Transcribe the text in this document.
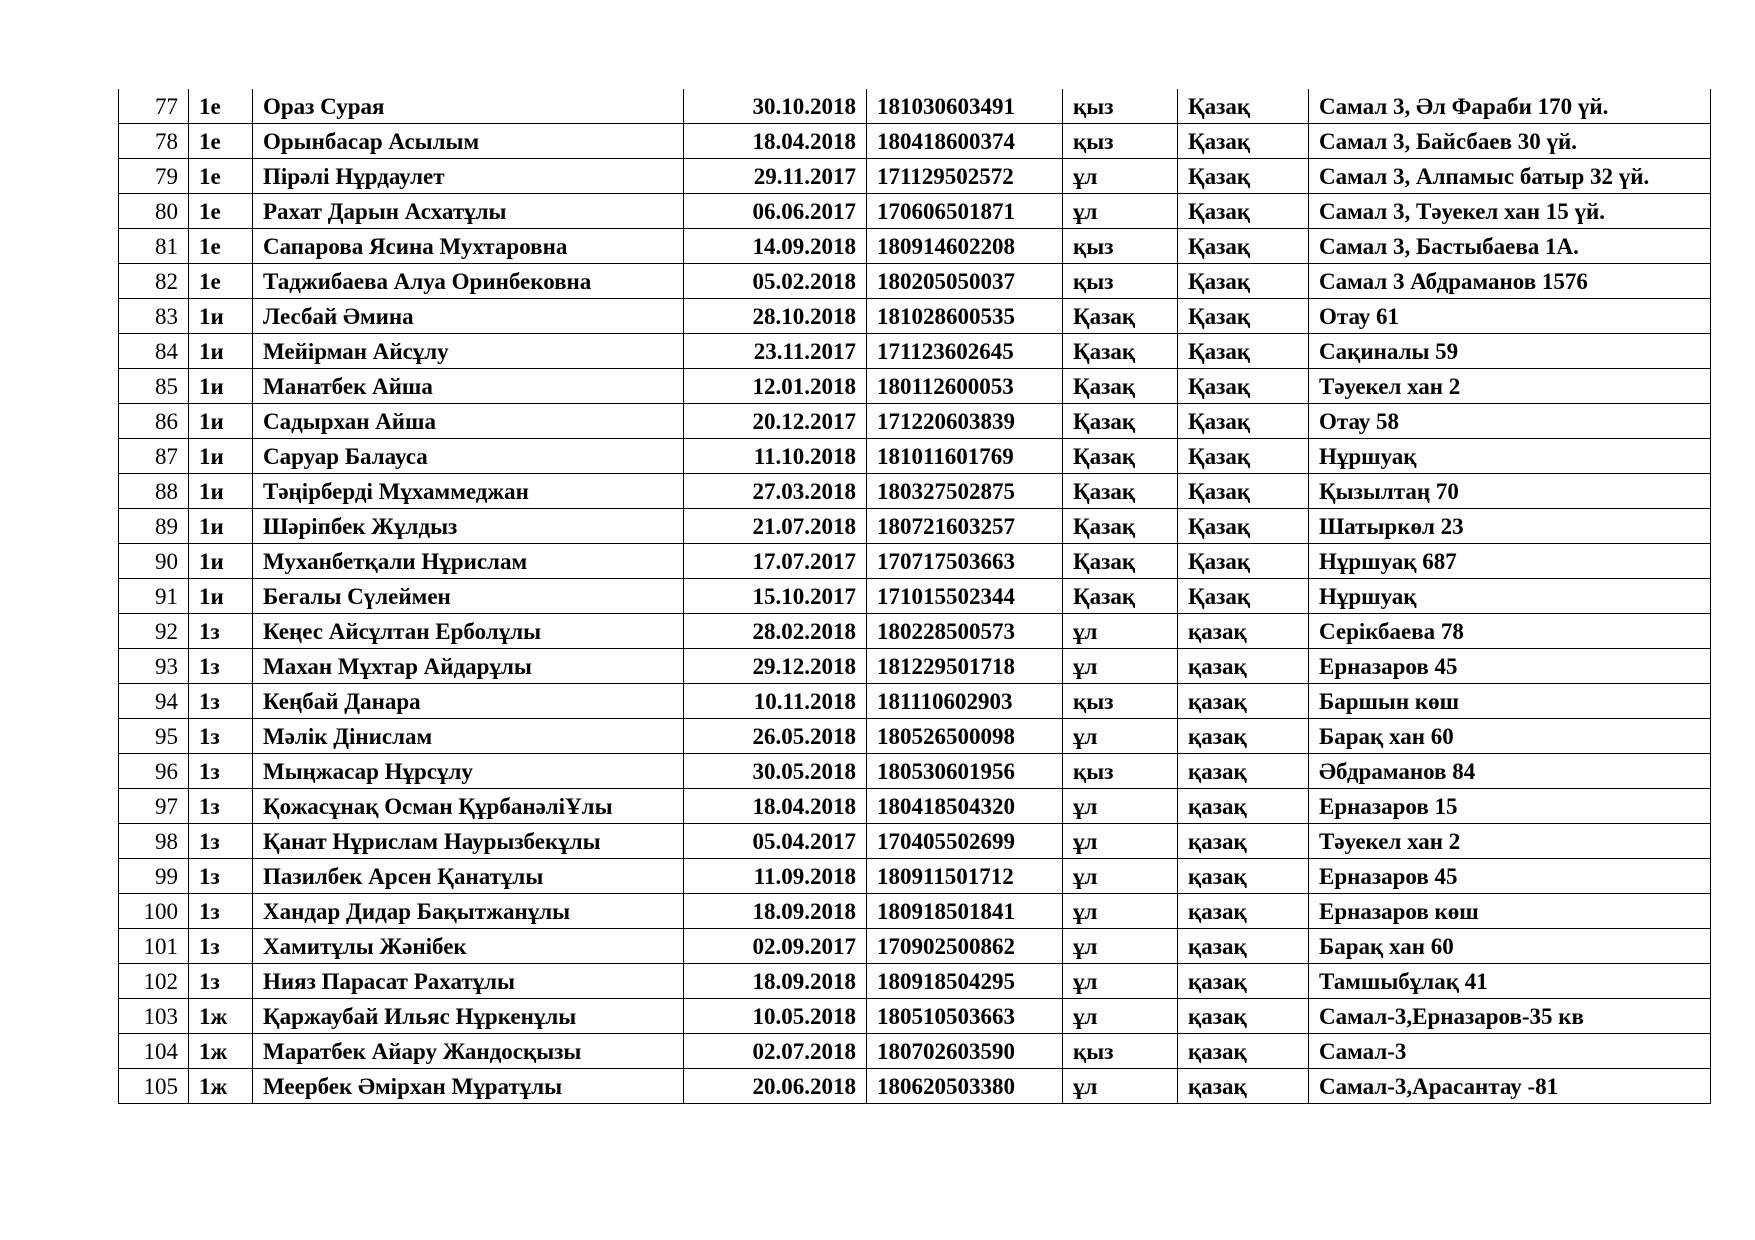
77	1е	Ораз Сурая	30.10.2018	181030603491	қыз	Қазақ	Самал 3, Әл Фараби 170 үй.
78	1е	Орынбасар Асылым	18.04.2018	180418600374	қыз	Қазақ	Самал 3, Байсбаев 30 үй.
79	1е	Пірәлі Нұрдаулет	29.11.2017	171129502572	ұл	Қазақ	Самал 3, Алпамыс батыр 32 үй.
80	1е	Рахат Дарын Асхатұлы	06.06.2017	170606501871	ұл	Қазақ	Самал 3, Тәуекел хан 15 үй.
81	1е	Сапарова Ясина Мухтаровна	14.09.2018	180914602208	қыз	Қазақ	Самал 3, Бастыбаева 1А.
82	1е	Таджибаева Алуа Оринбековна	05.02.2018	180205050037	қыз	Қазақ	Самал 3 Абдраманов 1576
83	1и	Лесбай Әмина	28.10.2018	181028600535	Қазақ	Қазақ	Отау 61
84	1и	Мейірман Айсұлу	23.11.2017	171123602645	Қазақ	Қазақ	Сақиналы 59
85	1и	Манатбек Айша	12.01.2018	180112600053	Қазақ	Қазақ	Тәуекел хан 2
86	1и	Садырхан Айша	20.12.2017	171220603839	Қазақ	Қазақ	Отау 58
87	1и	Саруар Балауса	11.10.2018	181011601769	Қазақ	Қазақ	Нұршуақ
88	1и	Тәңірберді Мұхаммеджан	27.03.2018	180327502875	Қазақ	Қазақ	Қызылтаң 70
89	1и	Шәріпбек Жұлдыз	21.07.2018	180721603257	Қазақ	Қазақ	Шатыркөл 23
90	1и	Муханбетқали Нұрислам	17.07.2017	170717503663	Қазақ	Қазақ	Нұршуақ 687
91	1и	Бегалы Сүлеймен	15.10.2017	171015502344	Қазақ	Қазақ	Нұршуақ
92	1з	Кеңес Айсұлтан Ерболұлы	28.02.2018	180228500573	ұл	қазақ	Серікбаева 78
93	1з	Махан Мұхтар Айдарұлы	29.12.2018	181229501718	ұл	қазақ	Ерназаров 45
94	1з	Кеңбай Данара	10.11.2018	181110602903	қыз	қазақ	Баршын көш
95	1з	Мәлік Дінислам	26.05.2018	180526500098	ұл	қазақ	Барақ хан 60
96	1з	Мыңжасар Нұрсұлу	30.05.2018	180530601956	қыз	қазақ	Әбдраманов 84
97	1з	Қожасұнақ Осман ҚұрбанәліҰлы	18.04.2018	180418504320	ұл	қазақ	Ерназаров 15
98	1з	Қанат Нұрислам Наурызбекұлы	05.04.2017	170405502699	ұл	қазақ	Тәуекел хан 2
99	1з	Пазилбек Арсен Қанатұлы	11.09.2018	180911501712	ұл	қазақ	Ерназаров 45
100	1з	Хандар Дидар Бақытжанұлы	18.09.2018	180918501841	ұл	қазақ	Ерназаров көш
101	1з	Хамитұлы Жәнібек	02.09.2017	170902500862	ұл	қазақ	Барақ хан 60
102	1з	Нияз Парасат Рахатұлы	18.09.2018	180918504295	ұл	қазақ	Тамшыбұлақ 41
103	1ж	Қаржаубай Ильяс Нұркенұлы	10.05.2018	180510503663	ұл	қазақ	Самал-3,Ерназаров-35 кв
104	1ж	Маратбек Айару Жандосқызы	02.07.2018	180702603590	қыз	қазақ	Самал-3
105	1ж	Меербек Әмірхан Мұратұлы	20.06.2018	180620503380	ұл	қазақ	Самал-3,Арасантау -81
